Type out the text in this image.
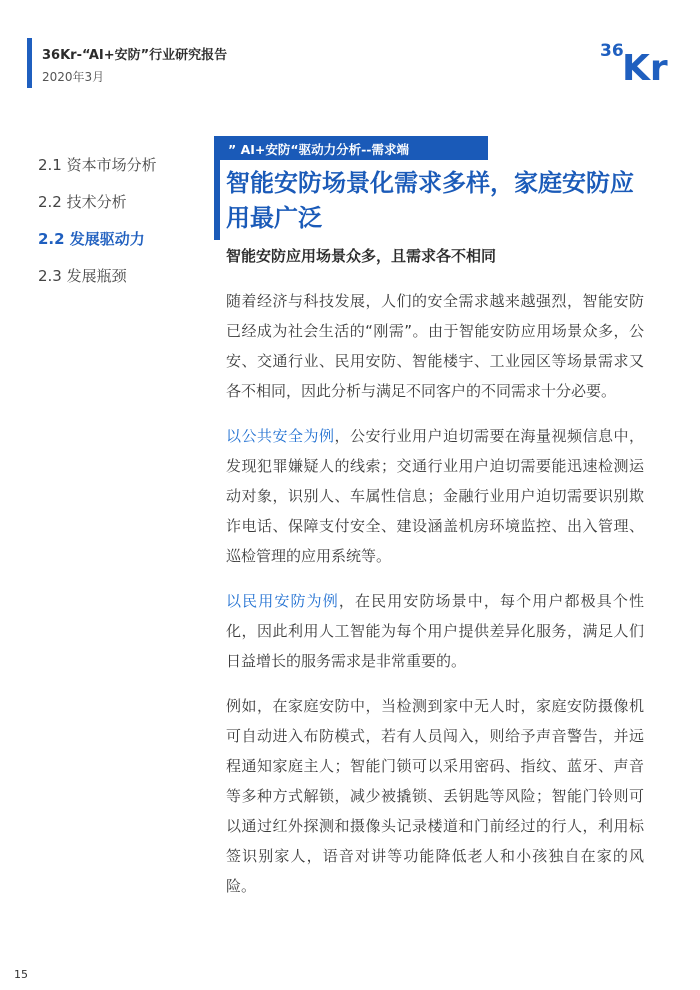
36Kr-“AI+安防”行业研究报告
2020年3月
36
Kr
2.1 资本市场分析
2.2 技术分析
2.2 发展驱动力
2.3 发展瓶颈
” AI+安防“驱动力分析--需求端
智能安防场景化需求多样，家庭安防应用最广泛
智能安防应用场景众多，且需求各不相同

随着经济与科技发展，人们的安全需求越来越强烈，智能安防已经成为社会生活的“刚需”。由于智能安防应用场景众多，公安、交通行业、民用安防、智能楼宇、工业园区等场景需求又各不相同，因此分析与满足不同客户的不同需求十分必要。

以公共安全为例，公安行业用户迫切需要在海量视频信息中，发现犯罪嫌疑人的线索；交通行业用户迫切需要能迅速检测运动对象，识别人、车属性信息；金融行业用户迫切需要识别欺诈电话、保障支付安全、建设涵盖机房环境监控、出入管理、巡检管理的应用系统等。

以民用安防为例，在民用安防场景中，每个用户都极具个性化，因此利用人工智能为每个用户提供差异化服务，满足人们日益增长的服务需求是非常重要的。

例如，在家庭安防中，当检测到家中无人时，家庭安防摄像机可自动进入布防模式，若有人员闯入，则给予声音警告，并远程通知家庭主人；智能门锁可以采用密码、指纹、蓝牙、声音等多种方式解锁，减少被撬锁、丢钥匙等风险；智能门铃则可以通过红外探测和摄像头记录楼道和门前经过的行人，利用标签识别家人，语音对讲等功能降低老人和小孩独自在家的风险。

15
